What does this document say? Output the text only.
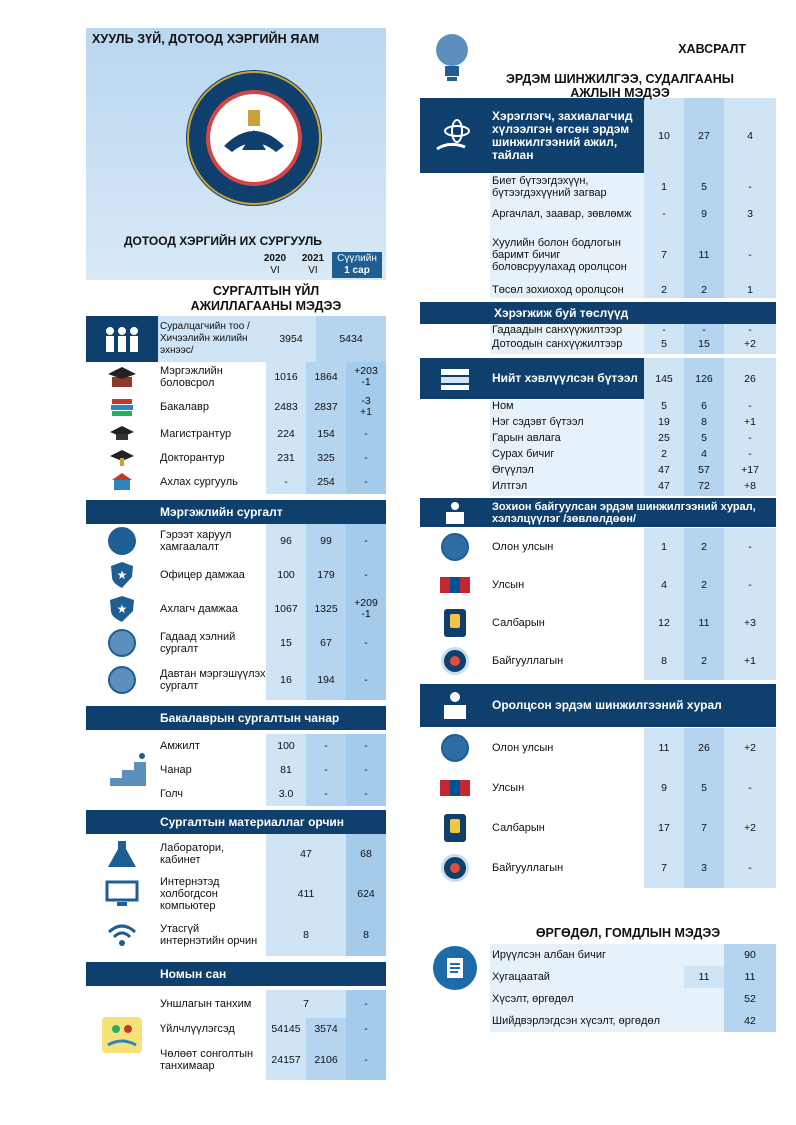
ХУУЛЬ ЗҮЙ, ДОТООД ХЭРГИЙН ЯАМ
ДОТООД ХЭРГИЙН ИХ СУРГУУЛЬ
2020
VI
2021
VI
Сүүлийн
1 сар
СУРГАЛТЫН ҮЙЛ АЖИЛЛАГААНЫ МЭДЭЭ
Суралцагчийн тоо /Хичээлийн жилийн эхнээс/
3954	5434
Мэргэжлийн боловсрол	1016	1864	+203
-1
Бакалавр	2483	2837	-3
+1
Магистрантур	224	154	-
Докторантур	231	325	-
Ахлах сургууль	-	254	-
Мэргэжлийн сургалт
Гэрээт харуул хамгаалалт	96	99	-
★	Офицер дамжаа	100	179	-
★	Ахлагч дамжаа	1067	1325	+209
-1
Гадаад хэлний сургалт	15	67	-
Давтан мэргэшүүлэх сургалт	16	194	-
Бакалаврын сургалтын чанар
Амжилт	100	-	-
Чанар	81	-	-
Голч	3.0	-	-
Сургалтын материаллаг орчин
Лаборатори, кабинет	47	68
Интернэтэд холбогдсон компьютер
411	624
Утасгүй интернэтийн орчин	8	8
Номын сан
Уншлагын танхим	7	-
Үйлчлүүлэгсэд	54145	3574	-
Чөлөөт сонголтын танхимаар	24157	2106	-
ХАВСРАЛТ
ЭРДЭМ ШИНЖИЛГЭЭ, СУДАЛГААНЫ АЖЛЫН МЭДЭЭ
Хэрэглэгч, захиалагчид хүлээлгэн өгсөн эрдэм шинжилгээний ажил, тайлан
10	27	4
Биет бүтээгдэхүүн, бүтээгдэхүүний загвар	1	5	-
Аргачлал, заавар, зөвлөмж	-	9	3
Хуулийн болон бодлогын баримт бичиг боловсруулахад оролцсон
7	11	-
Төсөл зохиоход оролцсон	2	2	1
Хэрэгжиж буй төслүүд
Гадаадын санхүүжилтээр	-	-	-
Дотоодын санхүүжилтээр	5	15	+2
Нийт хэвлүүлсэн бүтээл	145	126	26
Ном	5	6	-
Нэг сэдэвт бүтээл	19	8	+1
Гарын авлага	25	5	-
Сурах бичиг	2	4	-
Өгүүлэл	47	57	+17
Илтгэл	47	72	+8
Зохион байгуулсан эрдэм шинжилгээний хурал, хэлэлцүүлэг /зөвлөлдөөн/
Олон улсын	1	2	-
Улсын	4	2	-
Салбарын	12	11	+3
Байгууллагын	8	2	+1
Оролцсон эрдэм шинжилгээний хурал
Олон улсын	11	26	+2
Улсын	9	5	-
Салбарын	17	7	+2
Байгууллагын	7	3	-
ӨРГӨДӨЛ, ГОМДЛЫН МЭДЭЭ
Ирүүлсэн албан бичиг	90
Хугацаатай	11	11
Хүсэлт, өргөдөл	52
Шийдвэрлэгдсэн хүсэлт, өргөдөл	42
